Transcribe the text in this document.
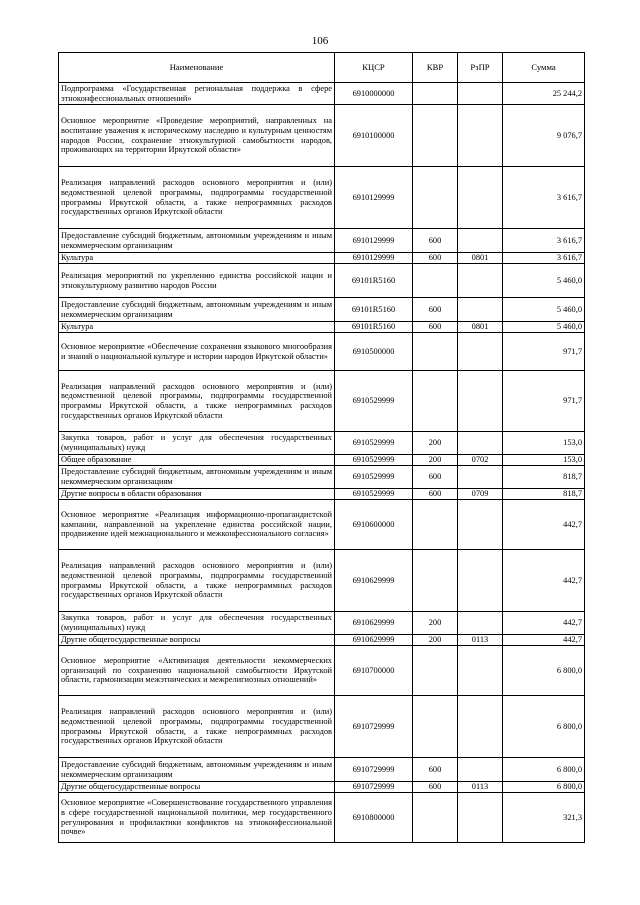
106
Наименование	КЦСР	КВР	РзПР	Сумма
Подпрограмма «Государственная региональная поддержка в сфере этноконфессиональных отношений»	6910000000			25 244,2
Основное мероприятие «Проведение мероприятий, направленных на воспитание уважения к историческому наследию и культурным ценностям народов России, сохранение этнокультурной самобытности народов, проживающих на территории Иркутской области»	6910100000			9 076,7
Реализация направлений расходов основного мероприятия и (или) ведомственной целевой программы, подпрограммы государственной программы Иркутской области, а также непрограммных расходов государственных органов Иркутской области	6910129999			3 616,7
Предоставление субсидий бюджетным, автономным учреждениям и иным некоммерческим организациям	6910129999	600		3 616,7
Культура	6910129999	600	0801	3 616,7
Реализация мероприятий по укреплению единства российской нации и этнокультурному развитию народов России	69101R5160			5 460,0
Предоставление субсидий бюджетным, автономным учреждениям и иным некоммерческим организациям	69101R5160	600		5 460,0
Культура	69101R5160	600	0801	5 460,0
Основное мероприятие «Обеспечение сохранения языкового многообразия и знаний о национальной культуре и истории народов Иркутской области»	6910500000			971,7
Реализация направлений расходов основного мероприятия и (или) ведомственной целевой программы, подпрограммы государственной программы Иркутской области, а также непрограммных расходов государственных органов Иркутской области	6910529999			971,7
Закупка товаров, работ и услуг для обеспечения государственных (муниципальных) нужд	6910529999	200		153,0
Общее образование	6910529999	200	0702	153,0
Предоставление субсидий бюджетным, автономным учреждениям и иным некоммерческим организациям	6910529999	600		818,7
Другие вопросы в области образования	6910529999	600	0709	818,7
Основное мероприятие «Реализация информационно-пропагандистской кампании, направленной на укрепление единства российской нации, продвижение идей межнационального и межконфессионального согласия»	6910600000			442,7
Реализация направлений расходов основного мероприятия и (или) ведомственной целевой программы, подпрограммы государственной программы Иркутской области, а также непрограммных расходов государственных органов Иркутской области	6910629999			442,7
Закупка товаров, работ и услуг для обеспечения государственных (муниципальных) нужд	6910629999	200		442,7
Другие общегосударственные вопросы	6910629999	200	0113	442,7
Основное мероприятие «Активизация деятельности некоммерческих организаций по сохранению национальной самобытности Иркутской области, гармонизации межэтнических и межрелигиозных отношений»	6910700000			6 800,0
Реализация направлений расходов основного мероприятия и (или) ведомственной целевой программы, подпрограммы государственной программы Иркутской области, а также непрограммных расходов государственных органов Иркутской области	6910729999			6 800,0
Предоставление субсидий бюджетным, автономным учреждениям и иным некоммерческим организациям	6910729999	600		6 800,0
Другие общегосударственные вопросы	6910729999	600	0113	6 800,0
Основное мероприятие «Совершенствование государственного управления в сфере государственной национальной политики, мер государственного регулирования и профилактики конфликтов на этноконфессиональной почве»	6910800000			321,3
